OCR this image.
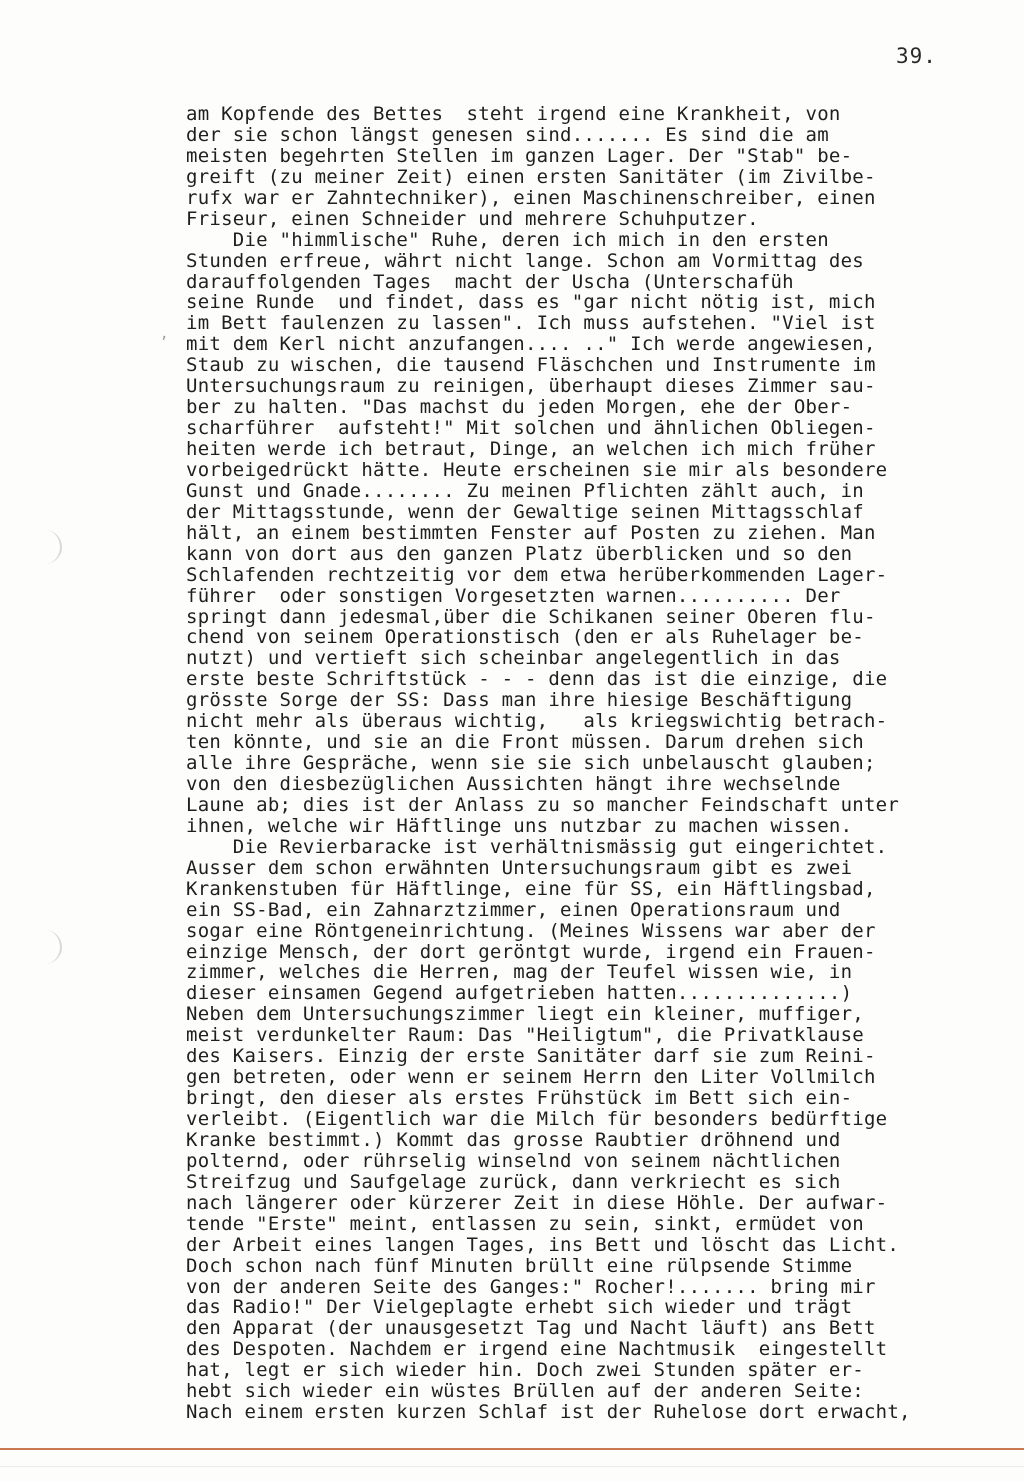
,
39.
am Kopfende des Bettes  steht irgend eine Krankheit, von
der sie schon längst genesen sind....... Es sind die am
meisten begehrten Stellen im ganzen Lager. Der "Stab" be-
greift (zu meiner Zeit) einen ersten Sanitäter (im Zivilbe-
rufx war er Zahntechniker), einen Maschinenschreiber, einen
Friseur, einen Schneider und mehrere Schuhputzer.
Die "himmlische" Ruhe, deren ich mich in den ersten
Stunden erfreue, währt nicht lange. Schon am Vormittag des
darauffolgenden Tages  macht der Uscha (Unterschafüh
seine Runde  und findet, dass es "gar nicht nötig ist, mich
im Bett faulenzen zu lassen". Ich muss aufstehen. "Viel ist
mit dem Kerl nicht anzufangen.... .." Ich werde angewiesen,
Staub zu wischen, die tausend Fläschchen und Instrumente im
Untersuchungsraum zu reinigen, überhaupt dieses Zimmer sau-
ber zu halten. "Das machst du jeden Morgen, ehe der Ober-
scharführer  aufsteht!" Mit solchen und ähnlichen Obliegen-
heiten werde ich betraut, Dinge, an welchen ich mich früher
vorbeigedrückt hätte. Heute erscheinen sie mir als besondere
Gunst und Gnade........ Zu meinen Pflichten zählt auch, in
der Mittagsstunde, wenn der Gewaltige seinen Mittagsschlaf
hält, an einem bestimmten Fenster auf Posten zu ziehen. Man
kann von dort aus den ganzen Platz überblicken und so den
Schlafenden rechtzeitig vor dem etwa herüberkommenden Lager-
führer  oder sonstigen Vorgesetzten warnen.......... Der
springt dann jedesmal,über die Schikanen seiner Oberen flu-
chend von seinem Operationstisch (den er als Ruhelager be-
nutzt) und vertieft sich scheinbar angelegentlich in das
erste beste Schriftstück - - - denn das ist die einzige, die
grösste Sorge der SS: Dass man ihre hiesige Beschäftigung
nicht mehr als überaus wichtig,   als kriegswichtig betrach-
ten könnte, und sie an die Front müssen. Darum drehen sich
alle ihre Gespräche, wenn sie sie sich unbelauscht glauben;
von den diesbezüglichen Aussichten hängt ihre wechselnde
Laune ab; dies ist der Anlass zu so mancher Feindschaft unter
ihnen, welche wir Häftlinge uns nutzbar zu machen wissen.
Die Revierbaracke ist verhältnismässig gut eingerichtet.
Ausser dem schon erwähnten Untersuchungsraum gibt es zwei
Krankenstuben für Häftlinge, eine für SS, ein Häftlingsbad,
ein SS-Bad, ein Zahnarztzimmer, einen Operationsraum und
sogar eine Röntgeneinrichtung. (Meines Wissens war aber der
einzige Mensch, der dort geröntgt wurde, irgend ein Frauen-
zimmer, welches die Herren, mag der Teufel wissen wie, in
dieser einsamen Gegend aufgetrieben hatten..............)
Neben dem Untersuchungszimmer liegt ein kleiner, muffiger,
meist verdunkelter Raum: Das "Heiligtum", die Privatklause
des Kaisers. Einzig der erste Sanitäter darf sie zum Reini-
gen betreten, oder wenn er seinem Herrn den Liter Vollmilch
bringt, den dieser als erstes Frühstück im Bett sich ein-
verleibt. (Eigentlich war die Milch für besonders bedürftige
Kranke bestimmt.) Kommt das grosse Raubtier dröhnend und
polternd, oder rührselig winselnd von seinem nächtlichen
Streifzug und Saufgelage zurück, dann verkriecht es sich
nach längerer oder kürzerer Zeit in diese Höhle. Der aufwar-
tende "Erste" meint, entlassen zu sein, sinkt, ermüdet von
der Arbeit eines langen Tages, ins Bett und löscht das Licht.
Doch schon nach fünf Minuten brüllt eine rülpsende Stimme
von der anderen Seite des Ganges:" Rocher!....... bring mir
das Radio!" Der Vielgeplagte erhebt sich wieder und trägt
den Apparat (der unausgesetzt Tag und Nacht läuft) ans Bett
des Despoten. Nachdem er irgend eine Nachtmusik  eingestellt
hat, legt er sich wieder hin. Doch zwei Stunden später er-
hebt sich wieder ein wüstes Brüllen auf der anderen Seite:
Nach einem ersten kurzen Schlaf ist der Ruhelose dort erwacht,
